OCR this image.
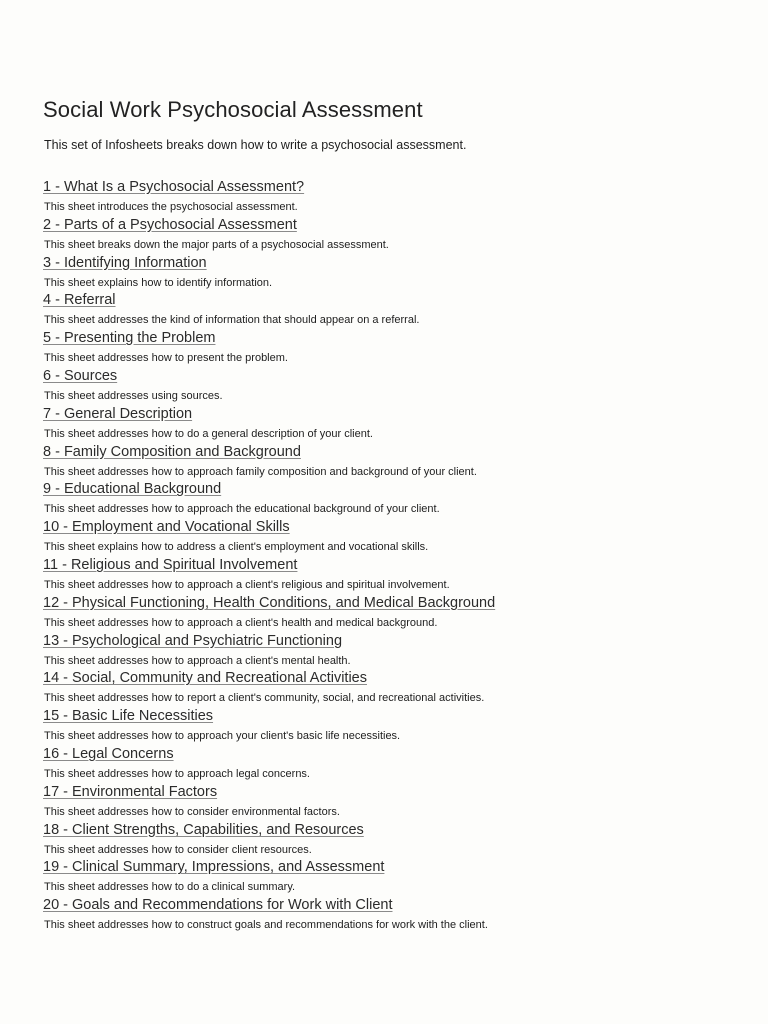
Social Work Psychosocial Assessment

This set of Infosheets breaks down how to write a psychosocial assessment.

1 - What Is a Psychosocial Assessment?
This sheet introduces the psychosocial assessment.
2 - Parts of a Psychosocial Assessment
This sheet breaks down the major parts of a psychosocial assessment.
3 - Identifying Information
This sheet explains how to identify information.
4 - Referral
This sheet addresses the kind of information that should appear on a referral.
5 - Presenting the Problem
This sheet addresses how to present the problem.
6 - Sources
This sheet addresses using sources.
7 - General Description
This sheet addresses how to do a general description of your client.
8 - Family Composition and Background
This sheet addresses how to approach family composition and background of your client.
9 - Educational Background
This sheet addresses how to approach the educational background of your client.
10 - Employment and Vocational Skills
This sheet explains how to address a client's employment and vocational skills.
11 - Religious and Spiritual Involvement
This sheet addresses how to approach a client's religious and spiritual involvement.
12 - Physical Functioning, Health Conditions, and Medical Background
This sheet addresses how to approach a client's health and medical background.
13 - Psychological and Psychiatric Functioning
This sheet addresses how to approach a client's mental health.
14 - Social, Community and Recreational Activities
This sheet addresses how to report a client's community, social, and recreational activities.
15 - Basic Life Necessities
This sheet addresses how to approach your client's basic life necessities.
16 - Legal Concerns
This sheet addresses how to approach legal concerns.
17 - Environmental Factors
This sheet addresses how to consider environmental factors.
18 - Client Strengths, Capabilities, and Resources
This sheet addresses how to consider client resources.
19 - Clinical Summary, Impressions, and Assessment
This sheet addresses how to do a clinical summary.
20 - Goals and Recommendations for Work with Client
This sheet addresses how to construct goals and recommendations for work with the client.
